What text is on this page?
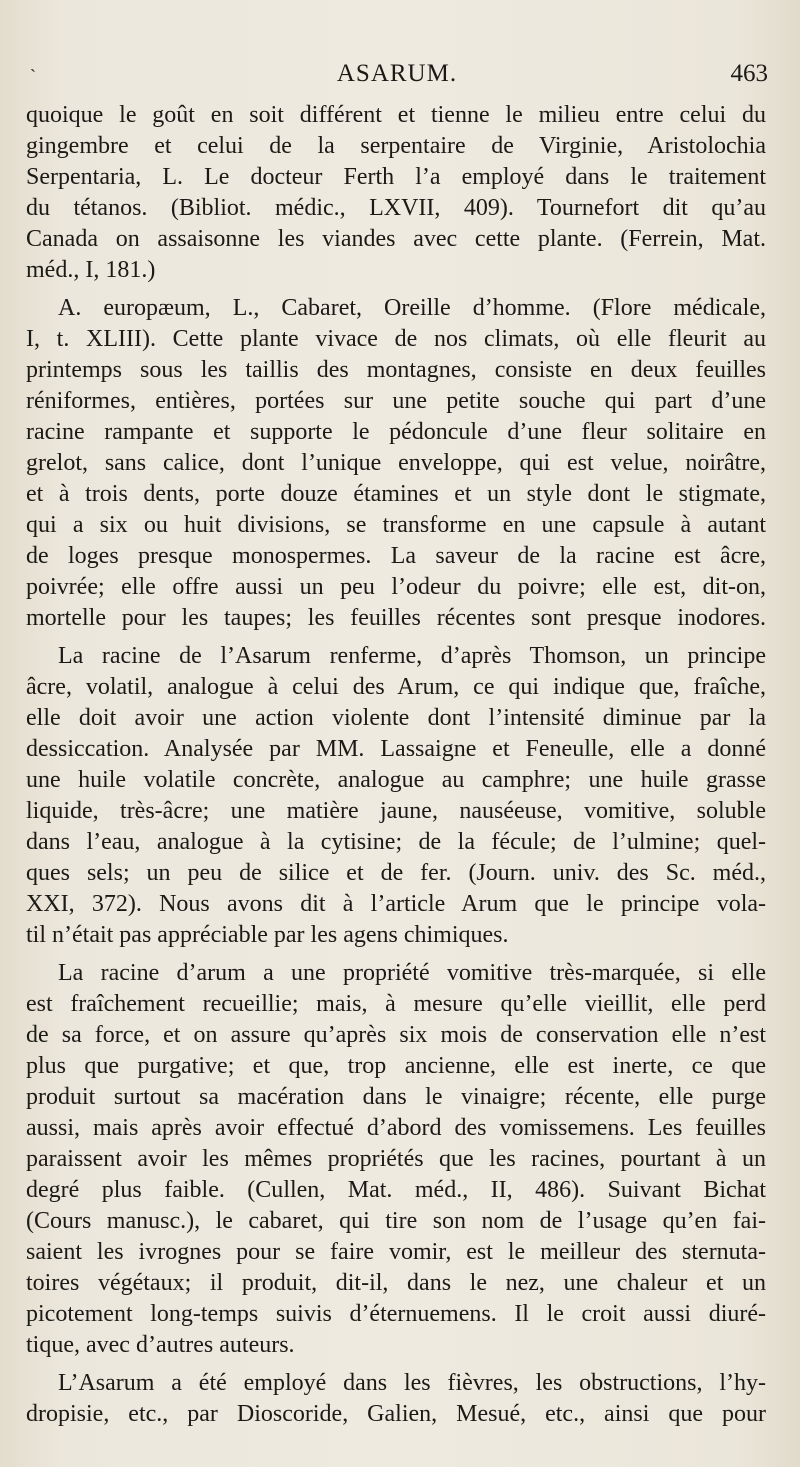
`	ASARUM.	463
quoique le goût en soit différent et tienne le milieu entre celui du
gingembre et celui de la serpentaire de Virginie, Aristolochia
Serpentaria, L. Le docteur Ferth l’a employé dans le traitement
du tétanos. (Bibliot. médic., LXVII, 409). Tournefort dit qu’au
Canada on assaisonne les viandes avec cette plante. (Ferrein, Mat.
méd., I, 181.)
A. europæum, L., Cabaret, Oreille d’homme. (Flore médicale,
I, t. XLIII). Cette plante vivace de nos climats, où elle fleurit au
printemps sous les taillis des montagnes, consiste en deux feuilles
réniformes, entières, portées sur une petite souche qui part d’une
racine rampante et supporte le pédoncule d’une fleur solitaire en
grelot, sans calice, dont l’unique enveloppe, qui est velue, noirâtre,
et à trois dents, porte douze étamines et un style dont le stigmate,
qui a six ou huit divisions, se transforme en une capsule à autant
de loges presque monospermes. La saveur de la racine est âcre,
poivrée; elle offre aussi un peu l’odeur du poivre; elle est, dit-on,
mortelle pour les taupes; les feuilles récentes sont presque inodores.
La racine de l’Asarum renferme, d’après Thomson, un principe
âcre, volatil, analogue à celui des Arum, ce qui indique que, fraîche,
elle doit avoir une action violente dont l’intensité diminue par la
dessiccation. Analysée par MM. Lassaigne et Feneulle, elle a donné
une huile volatile concrète, analogue au camphre; une huile grasse
liquide, très-âcre; une matière jaune, nauséeuse, vomitive, soluble
dans l’eau, analogue à la cytisine; de la fécule; de l’ulmine; quel-
ques sels; un peu de silice et de fer. (Journ. univ. des Sc. méd.,
XXI, 372). Nous avons dit à l’article Arum que le principe vola-
til n’était pas appréciable par les agens chimiques.
La racine d’arum a une propriété vomitive très-marquée, si elle
est fraîchement recueillie; mais, à mesure qu’elle vieillit, elle perd
de sa force, et on assure qu’après six mois de conservation elle n’est
plus que purgative; et que, trop ancienne, elle est inerte, ce que
produit surtout sa macération dans le vinaigre; récente, elle purge
aussi, mais après avoir effectué d’abord des vomissemens. Les feuilles
paraissent avoir les mêmes propriétés que les racines, pourtant à un
degré plus faible. (Cullen, Mat. méd., II, 486). Suivant Bichat
(Cours manusc.), le cabaret, qui tire son nom de l’usage qu’en fai-
saient les ivrognes pour se faire vomir, est le meilleur des sternuta-
toires végétaux; il produit, dit-il, dans le nez, une chaleur et un
picotement long-temps suivis d’éternuemens. Il le croit aussi diuré-
tique, avec d’autres auteurs.
L’Asarum a été employé dans les fièvres, les obstructions, l’hy-
dropisie, etc., par Dioscoride, Galien, Mesué, etc., ainsi que pour
